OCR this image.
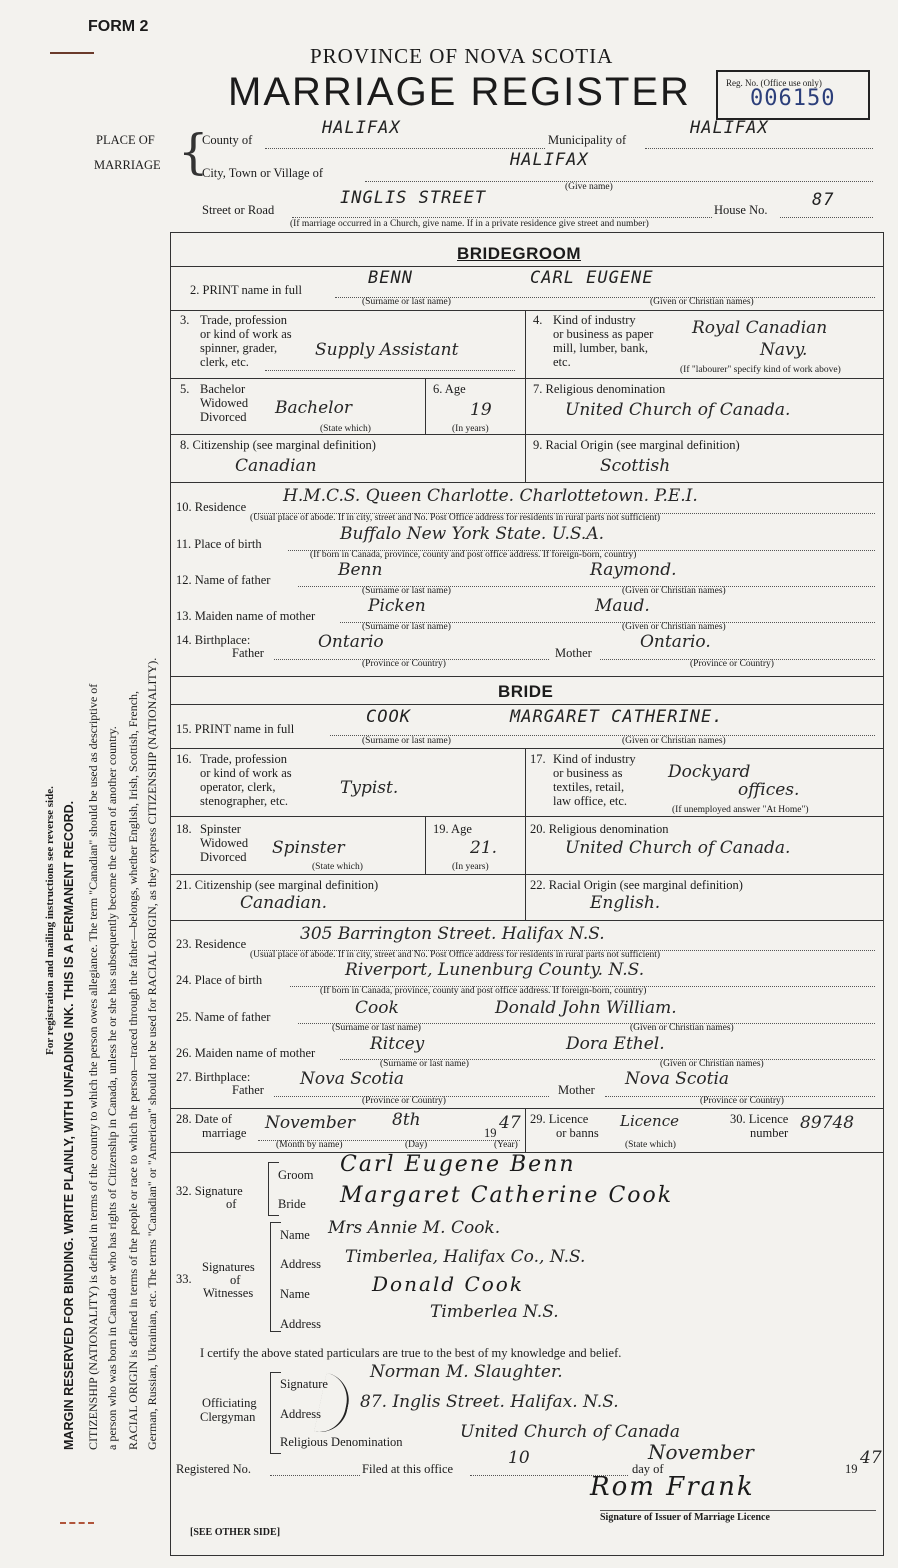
FORM 2
PROVINCE OF NOVA SCOTIA
MARRIAGE REGISTER	Reg. No. (Office use only)
006150
For registration and mailing instructions see reverse side. MARGIN RESERVED FOR BINDING. WRITE PLAINLY, WITH UNFADING INK. THIS IS A PERMANENT RECORD. CITIZENSHIP (NATIONALITY) is defined in terms of the country to which the person owes allegiance. The term "Canadian" should be used as descriptive of a person who was born in Canada or who has rights of Citizenship in Canada, unless he or she has subsequently become the citizen of another country. RACIAL ORIGIN is defined in terms of the people or race to which the person—traced through the father—belongs, whether English, Irish, Scottish, French, German, Russian, Ukrainian, etc. The terms "Canadian" or "American" should not be used for RACIAL ORIGIN, as they express CITIZENSHIP (NATIONALITY).
PLACE OF
MARRIAGE {
County of
HALIFAX
Municipality of
HALIFAX
City, Town or Village of
HALIFAX
(Give name)
Street or Road
INGLIS STREET
House No.	87
(If marriage occurred in a Church, give name. If in a private residence give street and number)
BRIDEGROOM
2. PRINT name in full
BENN	CARL EUGENE
(Surname or last name)	(Given or Christian names)
3. Trade, profession
or kind of work as
spinner, grader,
clerk, etc.
Supply Assistant
4. Kind of industry
or business as paper
mill, lumber, bank,
etc.
Royal Canadian
Navy.
(If "labourer" specify kind of work above)
5. Bachelor
Widowed
Divorced Bachelor
(State which)
6. Age
19
(In years)
7. Religious denomination
United Church of Canada.
8. Citizenship (see marginal definition)
Canadian
9. Racial Origin (see marginal definition)
Scottish
10. Residence
H.M.C.S. Queen Charlotte. Charlottetown. P.E.I.
(Usual place of abode. If in city, street and No. Post Office address for residents in rural parts not sufficient)
11. Place of birth	Buffalo New York State. U.S.A.
(If born in Canada, province, county and post office address. If foreign-born, country)
12. Name of father	Benn	Raymond.
(Surname or last name)	(Given or Christian names)
13. Maiden name of mother	Picken	Maud.
(Surname or last name)	(Given or Christian names)
14. Birthplace:
Father
Ontario
Mother
Ontario.
(Province or Country)	(Province or Country)
BRIDE
15. PRINT name in full
COOK	MARGARET CATHERINE.
(Surname or last name)	(Given or Christian names)
16. Trade, profession
or kind of work as
operator, clerk,
stenographer, etc.
Typist.
17. Kind of industry
or business as
textiles, retail,
law office, etc.
Dockyard
offices.
(If unemployed answer "At Home")
18. Spinster
Widowed
Divorced Spinster
(State which)
19. Age
21.
(In years)
20. Religious denomination
United Church of Canada.
21. Citizenship (see marginal definition)
Canadian.
22. Racial Origin (see marginal definition)
English.
23. Residence	305 Barrington Street. Halifax N.S.
(Usual place of abode. If in city, street and No. Post Office address for residents in rural parts not sufficient)
24. Place of birth	Riverport, Lunenburg County. N.S.
(If born in Canada, province, county and post office address. If foreign-born, country)
25. Name of father	Cook	Donald John William.
(Surname or last name)	(Given or Christian names)
26. Maiden name of mother	Ritcey	Dora Ethel.
(Surname or last name)	(Given or Christian names)
27. Birthplace:
Father
Nova Scotia
Mother
Nova Scotia
(Province or Country)	(Province or Country)
28. Date of
marriage November 8th
19 47
(Month by name)	(Day)	(Year)
29. Licence
or banns
Licence
(State which)
30. Licence
number 89748
32. Signature
of
Groom Carl Eugene Benn
Bride Margaret Catherine Cook
33.
Signatures
of
Witnesses
Name Mrs Annie M. Cook.
Address Timberlea, Halifax Co., N.S.
Name	Donald Cook
Address
Timberlea N.S.
I certify the above stated particulars are true to the best of my knowledge and belief.
Officiating
Clergyman
Signature
Norman M. Slaughter.
Address
87. Inglis Street. Halifax. N.S.
Religious Denomination	United Church of Canada
Registered No.	Filed at this office
10
day of
November
19
47
Rom Frank
Signature of Issuer of Marriage Licence
[SEE OTHER SIDE]
